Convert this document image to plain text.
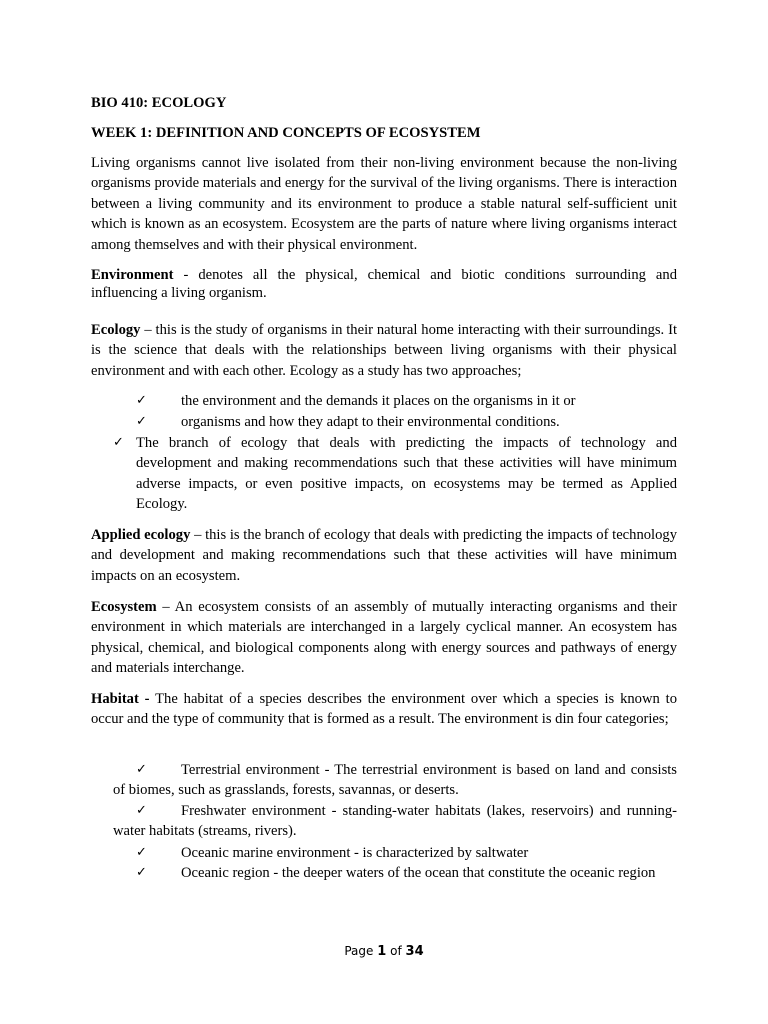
BIO 410: ECOLOGY
WEEK 1: DEFINITION AND CONCEPTS OF ECOSYSTEM

Living organisms cannot live isolated from their non-living environment because the non-living organisms provide materials and energy for the survival of the living organisms. There is interaction between a living community and its environment to produce a stable natural self-sufficient unit which is known as an ecosystem. Ecosystem are the parts of nature where living organisms interact among themselves and with their physical environment.

Environment - denotes all the physical, chemical and biotic conditions surrounding and influencing a living organism.

Ecology – this is the study of organisms in their natural home interacting with their surroundings. It is the science that deals with the relationships between living organisms with their physical environment and with each other. Ecology as a study has two approaches;

✓ the environment and the demands it places on the organisms in it or
✓ organisms and how they adapt to their environmental conditions.
✓ The branch of ecology that deals with predicting the impacts of technology and development and making recommendations such that these activities will have minimum adverse impacts, or even positive impacts, on ecosystems may be termed as Applied Ecology.

Applied ecology – this is the branch of ecology that deals with predicting the impacts of technology and development and making recommendations such that these activities will have minimum impacts on an ecosystem.

Ecosystem – An ecosystem consists of an assembly of mutually interacting organisms and their environment in which materials are interchanged in a largely cyclical manner. An ecosystem has physical, chemical, and biological components along with energy sources and pathways of energy and materials interchange.

Habitat - The habitat of a species describes the environment over which a species is known to occur and the type of community that is formed as a result. The environment is din four categories;

✓	Terrestrial environment - The terrestrial environment is based on land and consists of biomes, such as grasslands, forests, savannas, or deserts.
✓	Freshwater environment - standing-water habitats (lakes, reservoirs) and running-water habitats (streams, rivers).
✓ Oceanic marine environment - is characterized by saltwater
✓ Oceanic region - the deeper waters of the ocean that constitute the oceanic region
Page 1 of 34
